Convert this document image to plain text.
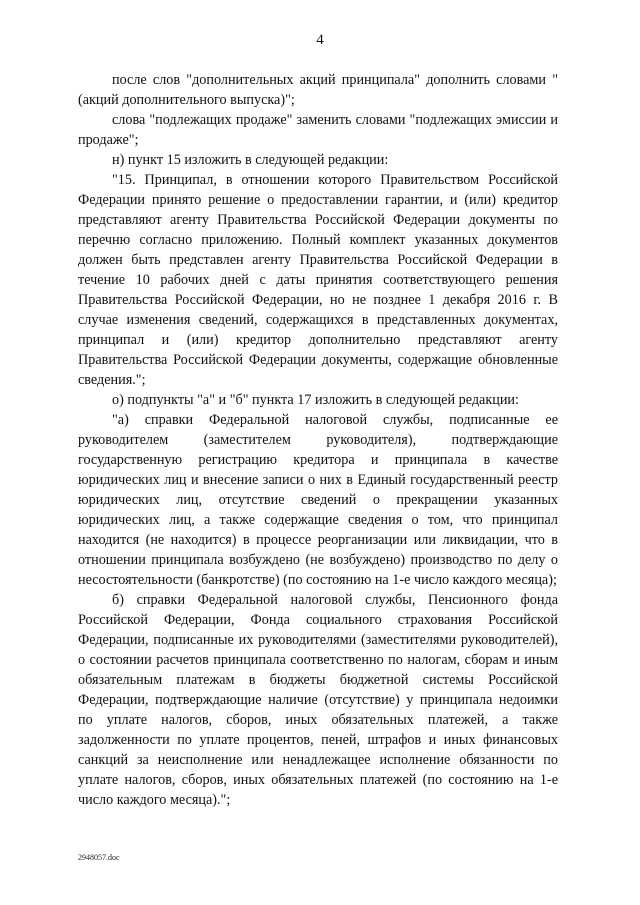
4

после слов "дополнительных акций принципала" дополнить словами "(акций дополнительного выпуска)";

слова "подлежащих продаже" заменить словами "подлежащих эмиссии и продаже";

н) пункт 15 изложить в следующей редакции:

"15. Принципал, в отношении которого Правительством Российской Федерации принято решение о предоставлении гарантии, и (или) кредитор представляют агенту Правительства Российской Федерации документы по перечню согласно приложению. Полный комплект указанных документов должен быть представлен агенту Правительства Российской Федерации в течение 10 рабочих дней с даты принятия соответствующего решения Правительства Российской Федерации, но не позднее 1 декабря 2016 г. В случае изменения сведений, содержащихся в представленных документах, принципал и (или) кредитор дополнительно представляют агенту Правительства Российской Федерации документы, содержащие обновленные сведения.";

о) подпункты "а" и "б" пункта 17 изложить в следующей редакции:

"а) справки Федеральной налоговой службы, подписанные ее руководителем (заместителем руководителя), подтверждающие государственную регистрацию кредитора и принципала в качестве юридических лиц и внесение записи о них в Единый государственный реестр юридических лиц, отсутствие сведений о прекращении указанных юридических лиц, а также содержащие сведения о том, что принципал находится (не находится) в процессе реорганизации или ликвидации, что в отношении принципала возбуждено (не возбуждено) производство по делу о несостоятельности (банкротстве) (по состоянию на 1-е число каждого месяца);

б) справки Федеральной налоговой службы, Пенсионного фонда Российской Федерации, Фонда социального страхования Российской Федерации, подписанные их руководителями (заместителями руководителей), о состоянии расчетов принципала соответственно по налогам, сборам и иным обязательным платежам в бюджеты бюджетной системы Российской Федерации, подтверждающие наличие (отсутствие) у принципала недоимки по уплате налогов, сборов, иных обязательных платежей, а также задолженности по уплате процентов, пеней, штрафов и иных финансовых санкций за неисполнение или ненадлежащее исполнение обязанности по уплате налогов, сборов, иных обязательных платежей (по состоянию на 1-е число каждого месяца).";

2948057.doc
